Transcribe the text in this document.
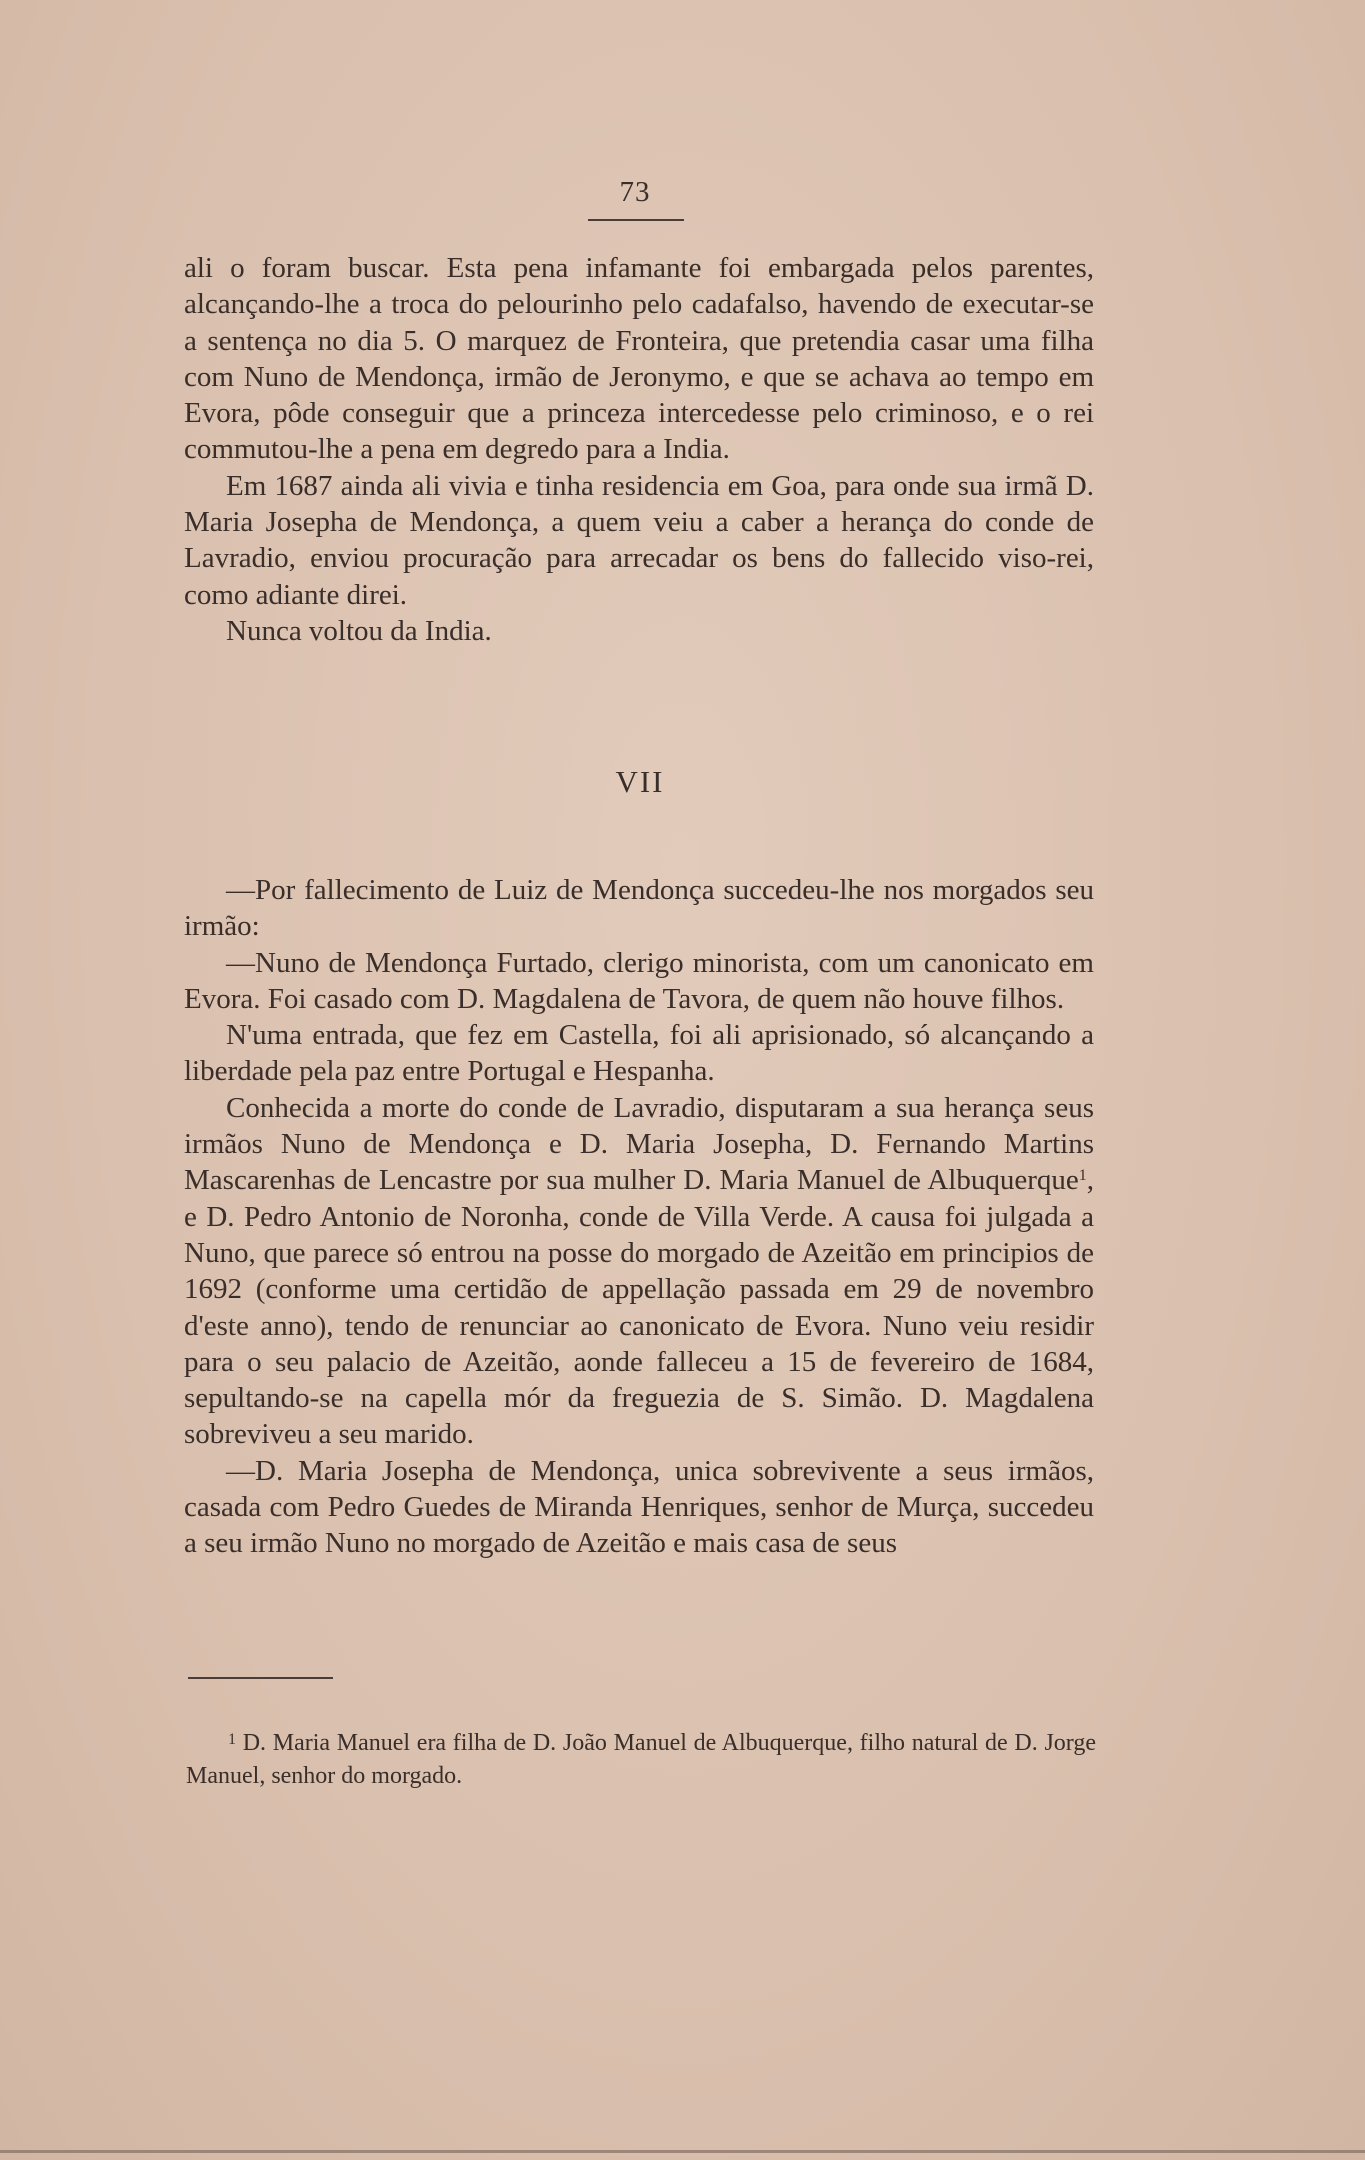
73

ali o foram buscar. Esta pena infamante foi embargada pelos parentes, alcançando-lhe a troca do pelourinho pelo cadafalso, havendo de executar-se a sentença no dia 5. O marquez de Fronteira, que pretendia casar uma filha com Nuno de Mendonça, irmão de Jeronymo, e que se achava ao tempo em Evora, pôde conseguir que a princeza intercedesse pelo criminoso, e o rei commutou-lhe a pena em degredo para a India.

Em 1687 ainda ali vivia e tinha residencia em Goa, para onde sua irmã D. Maria Josepha de Mendonça, a quem veiu a caber a herança do conde de Lavradio, enviou procuração para arrecadar os bens do fallecido viso-rei, como adiante direi.

Nunca voltou da India.

VII

—Por fallecimento de Luiz de Mendonça succedeu-lhe nos morgados seu irmão:

—Nuno de Mendonça Furtado, clerigo minorista, com um canonicato em Evora. Foi casado com D. Magdalena de Tavora, de quem não houve filhos.

N'uma entrada, que fez em Castella, foi ali aprisionado, só alcançando a liberdade pela paz entre Portugal e Hespanha.

Conhecida a morte do conde de Lavradio, disputaram a sua herança seus irmãos Nuno de Mendonça e D. Maria Josepha, D. Fernando Martins Mascarenhas de Lencastre por sua mulher D. Maria Manuel de Albuquerque$^1$, e D. Pedro Antonio de Noronha, conde de Villa Verde. A causa foi julgada a Nuno, que parece só entrou na posse do morgado de Azeitão em principios de 1692 (conforme uma certidão de appellação passada em 29 de novembro d'este anno), tendo de renunciar ao canonicato de Evora. Nuno veiu residir para o seu palacio de Azeitão, aonde falleceu a 15 de fevereiro de 1684, sepultando-se na capella mór da freguezia de S. Simão. D. Magdalena sobreviveu a seu marido.

—D. Maria Josepha de Mendonça, unica sobrevivente a seus irmãos, casada com Pedro Guedes de Miranda Henriques, senhor de Murça, succedeu a seu irmão Nuno no morgado de Azeitão e mais casa de seus

$^1$ D. Maria Manuel era filha de D. João Manuel de Albuquerque, filho natural de D. Jorge Manuel, senhor do morgado.
